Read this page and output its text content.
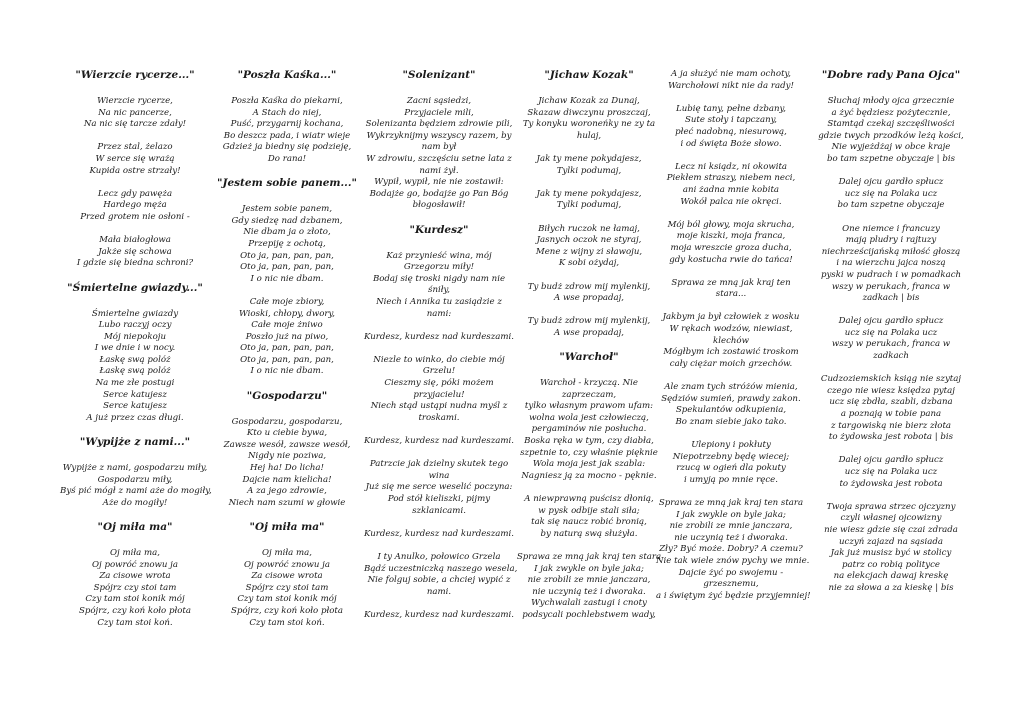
"Wierzcie rycerze..."
Wierzcie rycerze,
Na nic pancerze,
Na nic się tarcze zdały!
Przez stal, żelazo
W serce się wrażą
Kupida ostre strzały!
Lecz gdy pawęża
Hardego męża
Przed grotem nie osłoni -
Mała białogłowa
Jakże się schowa
I gdzie się biedna schroni?
"Śmiertelne gwiazdy..."
Śmiertelne gwiazdy
Lubo raczyj oczy
Mój niepokoju
I we dnie i w nocy.
Łaskę swą polóż
Łaskę swą polóż
Na me złe postugi
Serce katujesz
Serce katujesz
A już przez czas długi.
"Wypijże z nami..."
Wypijże z nami, gospodarzu miły,
Gospodarzu miły,
Byś pić mógł z nami aże do mogiły,
Aże do mogiły!
"Oj miła ma"
Oj miła ma,
Oj powróć znowu ja
Za cisowe wrota
Spójrz czy stoi tam
Czy tam stoi konik mój
Spójrz, czy koń koło płota
Czy tam stoi koń.
"Poszła Kaśka..."
Poszła Kaśka do piekarni,
A Stach do niej,
Puść, przygarnij kochana,
Bo deszcz pada, i wiatr wieje
Gdzież ja biedny się podzieję,
Do rana!
"Jestem sobie panem..."
Jestem sobie panem,
Gdy siedzę nad dzbanem,
Nie dbam ja o złoto,
Przepiję z ochotą,
Oto ja, pan, pan, pan,
Oto ja, pan, pan, pan,
I o nic nie dbam.
Całe moje zbiory,
Wioski, chłopy, dwory,
Całe moje żniwo
Poszło już na piwo,
Oto ja, pan, pan, pan,
Oto ja, pan, pan, pan,
I o nic nie dbam.
"Gospodarzu"
Gospodarzu, gospodarzu,
Kto u ciebie bywa,
Zawsze wesół, zawsze wesół,
Nigdy nie poziwa,
Hej ha! Do licha!
Dajcie nam kielicha!
A za jego zdrowie,
Niech nam szumi w głowie
"Oj miła ma"
Oj miła ma,
Oj powróć znowu ja
Za cisowe wrota
Spójrz czy stoi tam
Czy tam stoi konik mój
Spójrz, czy koń koło płota
Czy tam stoi koń.
"Solenizant"
Zacni sąsiedzi,
Przyjaciele mili,
Solenizanta będziem zdrowie pili,
Wykrzyknijmy wszyscy razem, by
nam był
W zdrowiu, szczęściu setne lata z
nami żył.
Wypił, wypił, nie nie zostawił:
Bodajże go, bodajże go Pan Bóg
błogosławił!
"Kurdesz"
Każ przynieść wina, mój
Grzegorzu miły!
Bodaj się troski nigdy nam nie
śniły,
Niech i Annika tu zasiądzie z
nami:
Kurdesz, kurdesz nad kurdeszami.
Niezle to winko, do ciebie mój
Grzelu!
Cieszmy się, póki możem
przyjacielu!
Niech stąd ustąpi nudna myśl z
troskami.
Kurdesz, kurdesz nad kurdeszami.
Patrzcie jak dzielny skutek tego
wina
Już się me serce weselić poczyna:
Pod stół kieliszki, pijmy
szklanicami.
Kurdesz, kurdesz nad kurdeszami.
I ty Anulko, połowico Grzela
Bądź uczestniczką naszego wesela,
Nie folguj sobie, a chciej wypić z
nami.
Kurdesz, kurdesz nad kurdeszami.
"Jichaw Kozak"
Jichaw Kozak za Dunaj,
Skazaw diwczynu proszczaj,
Ty konyku woroneńky ne zy ta
hulaj,
Jak ty mene pokydajesz,
Tylki podumaj,
Jak ty mene pokydajesz,
Tylki podumaj,
Biłych ruczok ne łamaj,
Jasnych oczok ne styraj,
Mene z wijny zi sławoju,
K sobi ożydaj,
Ty budż zdrow mij mylenkij,
A wse propadaj,
Ty budż zdrow mij mylenkij,
A wse propadaj,
"Warchoł"
Warchoł - krzyczą. Nie
zaprzeczam,
tylko własnym prawom ufam:
wolna wola jest człowieczą,
pergaminów nie posłucha.
Boska ręka w tym, czy diabła,
szpetnie to, czy właśnie pięknie
Wola moja jest jak szabla:
Nagniesz ją za mocno - pęknie.
A niewprawną puścisz dłonią,
w pysk odbije stali siła;
tak się naucz robić bronią,
by naturą swą służyła.
Sprawa ze mną jak kraj ten stara
I jak zwykle on byle jaka;
nie zrobili ze mnie janczara,
nie uczynią też i dworaka.
Wychwalali zastugi i cnoty
podsycali pochlebstwem wady,
A ja służyć nie mam ochoty,
Warchołowi nikt nie da rady!
Lubię tany, pełne dzbany,
Sute stoły i tapczany,
płeć nadobną, niesurową,
i od święta Boże słowo.
Lecz ni ksiądz, ni okowita
Piekłem straszy, niebem neci,
ani żadna mnie kobita
Wokół palca nie okręci.
Mój ból głowy, moja skrucha,
moje kiszki, moja franca,
moja wreszcie groza ducha,
gdy kostucha rwie do tańca!
Sprawa ze mną jak kraj ten
stara...
Jakbym ja był człowiek z wosku
W rękach wodzów, niewiast,
klechów
Mógłbym ich zostawić troskom
cały ciężar moich grzechów.
Ale znam tych stróżów mienia,
Sędziów sumień, prawdy zakon.
Spekulantów odkupienia,
Bo znam siebie jako tako.
Ulepiony i pokłuty
Niepotrzebny będę wiecej;
rzucą w ogień dla pokuty
i umyją po mnie ręce.
Sprawa ze mną jak kraj ten stara
I jak zwykle on byle jaka;
nie zrobili ze mnie janczara,
nie uczynią też i dworaka.
Zły? Być może. Dobry? A czemu?
Nie tak wiele znów pychy we mnie.
Dajcie żyć po swojemu -
grzesznemu,
a i świętym żyć będzie przyjemniej!
"Dobre rady Pana Ojca"
Słuchaj młody ojca grzecznie
a żyć będziesz pożytecznie,
Stamtąd czekaj szczęśliwości
gdzie twych przodków leżą kości,
Nie wyjeżdżaj w obce kraje
bo tam szpetne obyczaje | bis
Dalej ojcu gardło spłucz
ucz się na Polaka ucz
bo tam szpetne obyczaje
One niemce i francuzy
mają pludry i rajtuzy
niechrześcijańską miłość głoszą
i na wierzchu jajca noszą
pyski w pudrach i w pomadkach
wszy w perukach, franca w
zadkach | bis
Dalej ojcu gardło spłucz
ucz się na Polaka ucz
wszy w perukach, franca w
zadkach
Cudzoziemskich ksiąg nie szytaj
czego nie wiesz księdza pytaj
ucz się zbdła, szabli, dzbana
a poznają w tobie pana
z targowiską nie bierz złota
to żydowska jest robota | bis
Dalej ojcu gardło spłucz
ucz się na Polaka ucz
to żydowska jest robota
Twoja sprawa strzec ojczyzny
czyli własnej ojcowizny
nie wiesz gdzie się czai zdrada
uczyń zajazd na sąsiada
Jak już musisz być w stolicy
patrz co robią polityce
na elekcjach dawaj kreskę
nie za słowa a za kieskę | bis
